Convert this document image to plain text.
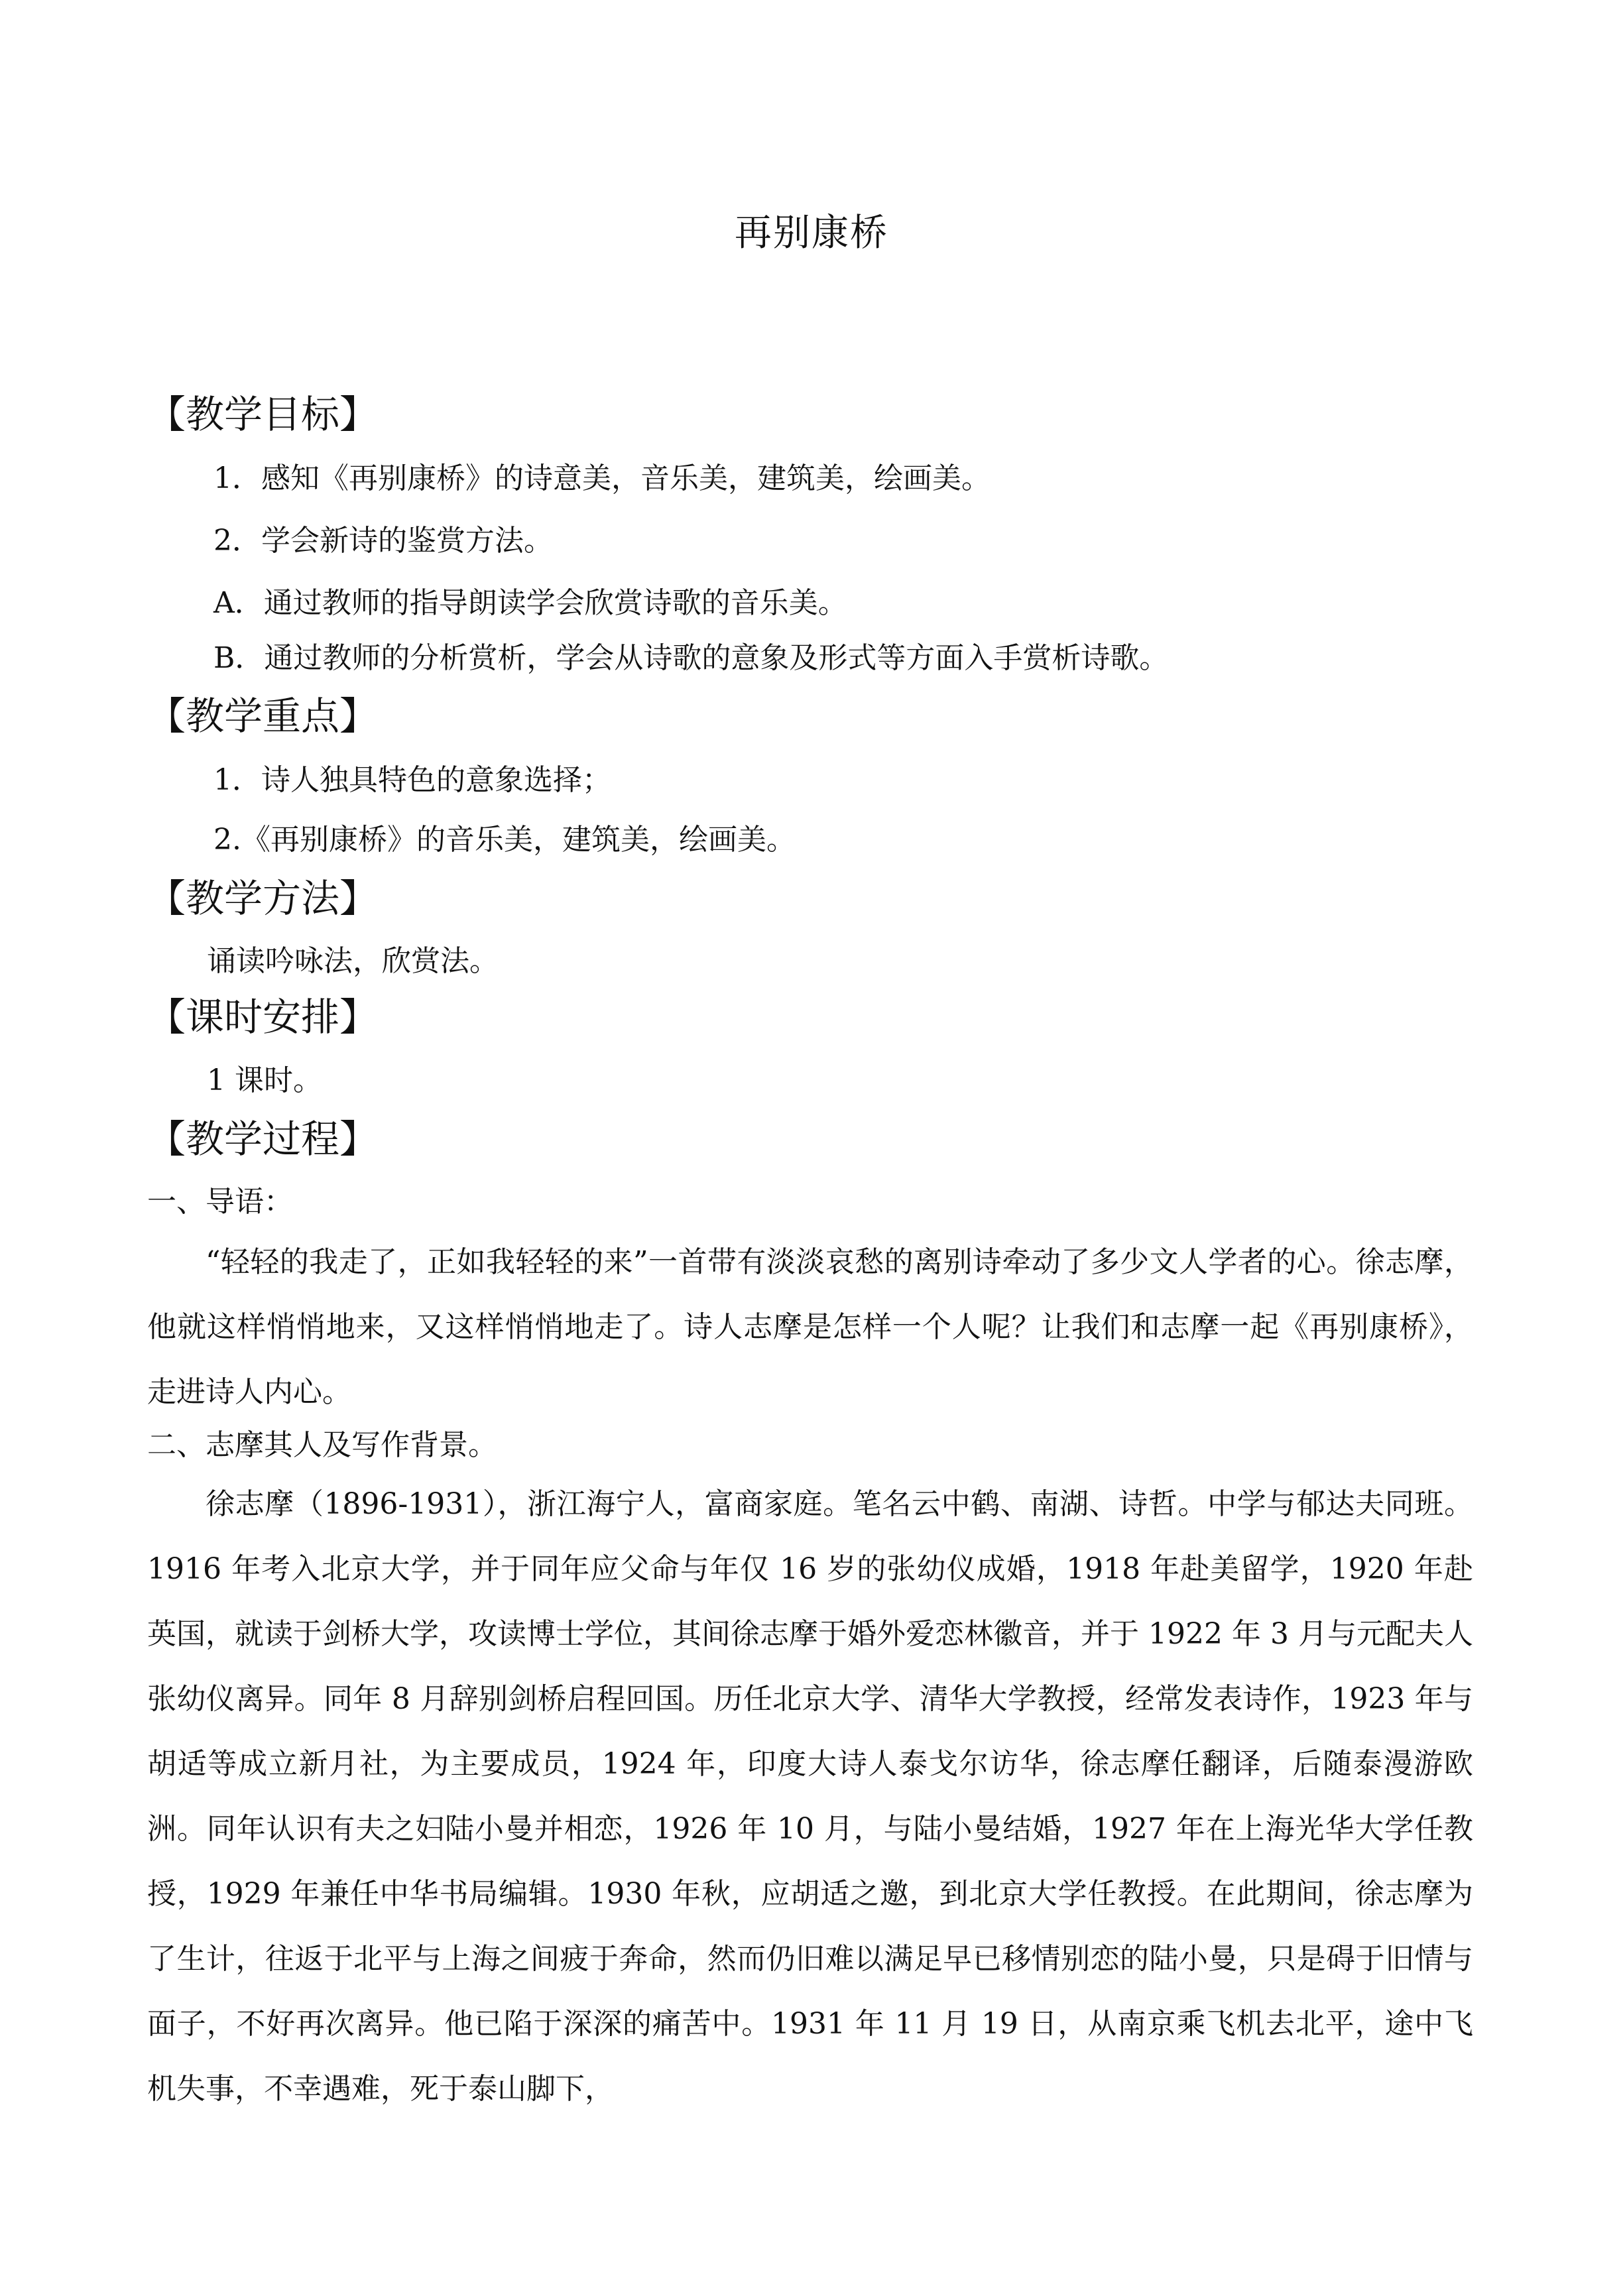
再别康桥
【教学目标】
1．感知《再别康桥》的诗意美，音乐美，建筑美，绘画美。
2．学会新诗的鉴赏方法。
A．通过教师的指导朗读学会欣赏诗歌的音乐美。
B．通过教师的分析赏析，学会从诗歌的意象及形式等方面入手赏析诗歌。
【教学重点】
1．诗人独具特色的意象选择；
2.《再别康桥》的音乐美，建筑美，绘画美。
【教学方法】
诵读吟咏法，欣赏法。
【课时安排】
1 课时。
【教学过程】
一、导语：
“轻轻的我走了，正如我轻轻的来”一首带有淡淡哀愁的离别诗牵动了多少文人学者的心。徐志摩，他就这样悄悄地来，又这样悄悄地走了。诗人志摩是怎样一个人呢？让我们和志摩一起《再别康桥》，走进诗人内心。
二、志摩其人及写作背景。
徐志摩（1896-1931），浙江海宁人，富商家庭。笔名云中鹤、南湖、诗哲。中学与郁达夫同班。1916 年考入北京大学，并于同年应父命与年仅 16 岁的张幼仪成婚，1918 年赴美留学，1920 年赴英国，就读于剑桥大学，攻读博士学位，其间徐志摩于婚外爱恋林徽音，并于 1922 年 3 月与元配夫人张幼仪离异。同年 8 月辞别剑桥启程回国。历任北京大学、清华大学教授，经常发表诗作，1923 年与胡适等成立新月社，为主要成员，1924 年，印度大诗人泰戈尔访华，徐志摩任翻译，后随泰漫游欧洲。同年认识有夫之妇陆小曼并相恋，1926 年 10 月，与陆小曼结婚，1927 年在上海光华大学任教授，1929 年兼任中华书局编辑。1930 年秋，应胡适之邀，到北京大学任教授。在此期间，徐志摩为了生计，往返于北平与上海之间疲于奔命，然而仍旧难以满足早已移情别恋的陆小曼，只是碍于旧情与面子，不好再次离异。他已陷于深深的痛苦中。1931 年 11 月 19 日，从南京乘飞机去北平，途中飞机失事，不幸遇难，死于泰山脚下，
